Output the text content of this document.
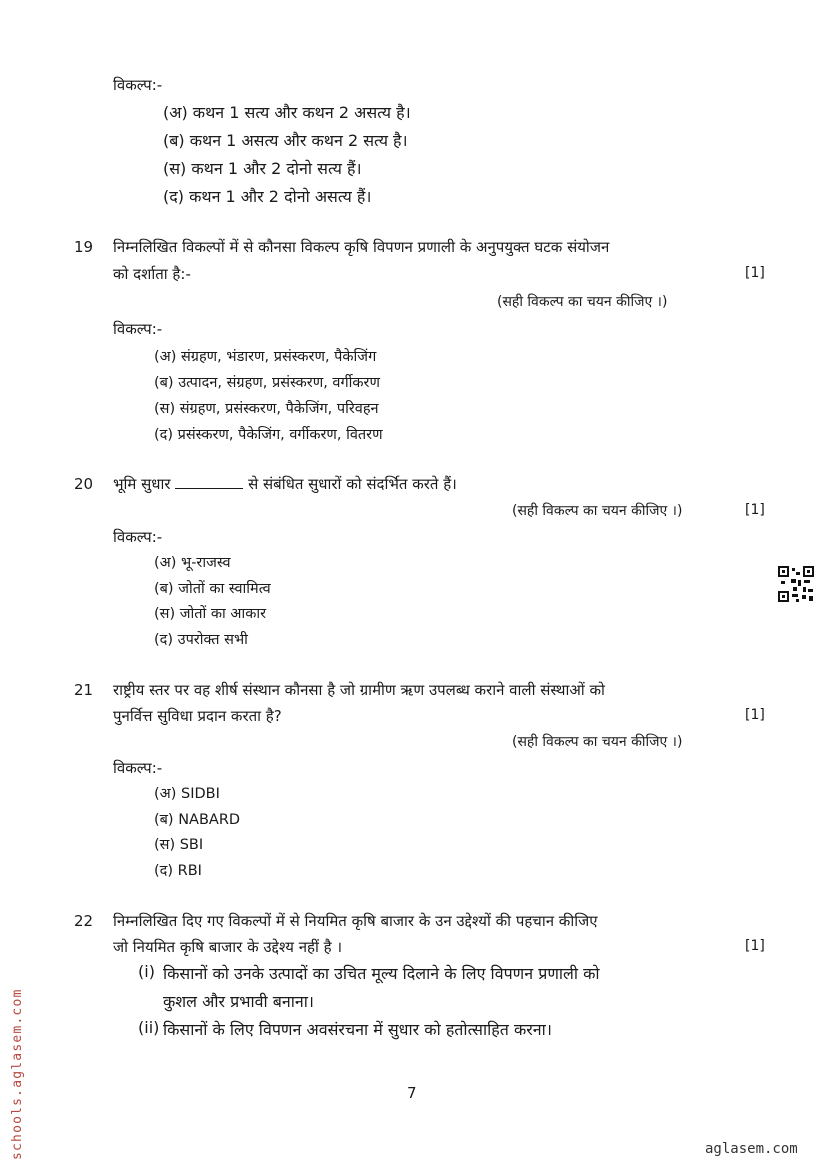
विकल्प:-
(अ) कथन 1 सत्य और कथन 2 असत्य है।
(ब) कथन 1 असत्य और कथन 2 सत्य है।
(स) कथन 1 और 2 दोनो सत्य हैं।
(द) कथन 1 और 2 दोनो असत्य हैं।
19 निम्नलिखित विकल्पों में से कौनसा विकल्प कृषि विपणन प्रणाली के अनुपयुक्त घटक संयोजन
को दर्शाता है:-	[1]
(सही विकल्प का चयन कीजिए ।)
विकल्प:-
(अ) संग्रहण, भंडारण, प्रसंस्करण, पैकेजिंग
(ब) उत्पादन, संग्रहण, प्रसंस्करण, वर्गीकरण
(स) संग्रहण, प्रसंस्करण, पैकेजिंग, परिवहन
(द) प्रसंस्करण, पैकेजिंग, वर्गीकरण, वितरण
20 भूमि सुधार	से संबंधित सुधारों को संदर्भित करते हैं।
(सही विकल्प का चयन कीजिए ।)	[1]
विकल्प:-
(अ) भू-राजस्व
(ब) जोतों का स्वामित्व
(स) जोतों का आकार
(द) उपरोक्त सभी
21 राष्ट्रीय स्तर पर वह शीर्ष संस्थान कौनसा है जो ग्रामीण ऋण उपलब्ध कराने वाली संस्थाओं को
पुनर्वित्त सुविधा प्रदान करता है?	[1]
(सही विकल्प का चयन कीजिए ।)
विकल्प:-
(अ) SIDBI
(ब) NABARD
(स) SBI
(द) RBI
22 निम्नलिखित दिए गए विकल्पों में से नियमित कृषि बाजार के उन उद्देश्यों की पहचान कीजिए
जो नियमित कृषि बाजार के उद्देश्य नहीं है ।	[1]
(i) किसानों को उनके उत्पादों का उचित मूल्य दिलाने के लिए विपणन प्रणाली को
कुशल और प्रभावी बनाना।
(ii) किसानों के लिए विपणन अवसंरचना में सुधार को हतोत्साहित करना।
7
schools.aglasem.com	aglasem.com
